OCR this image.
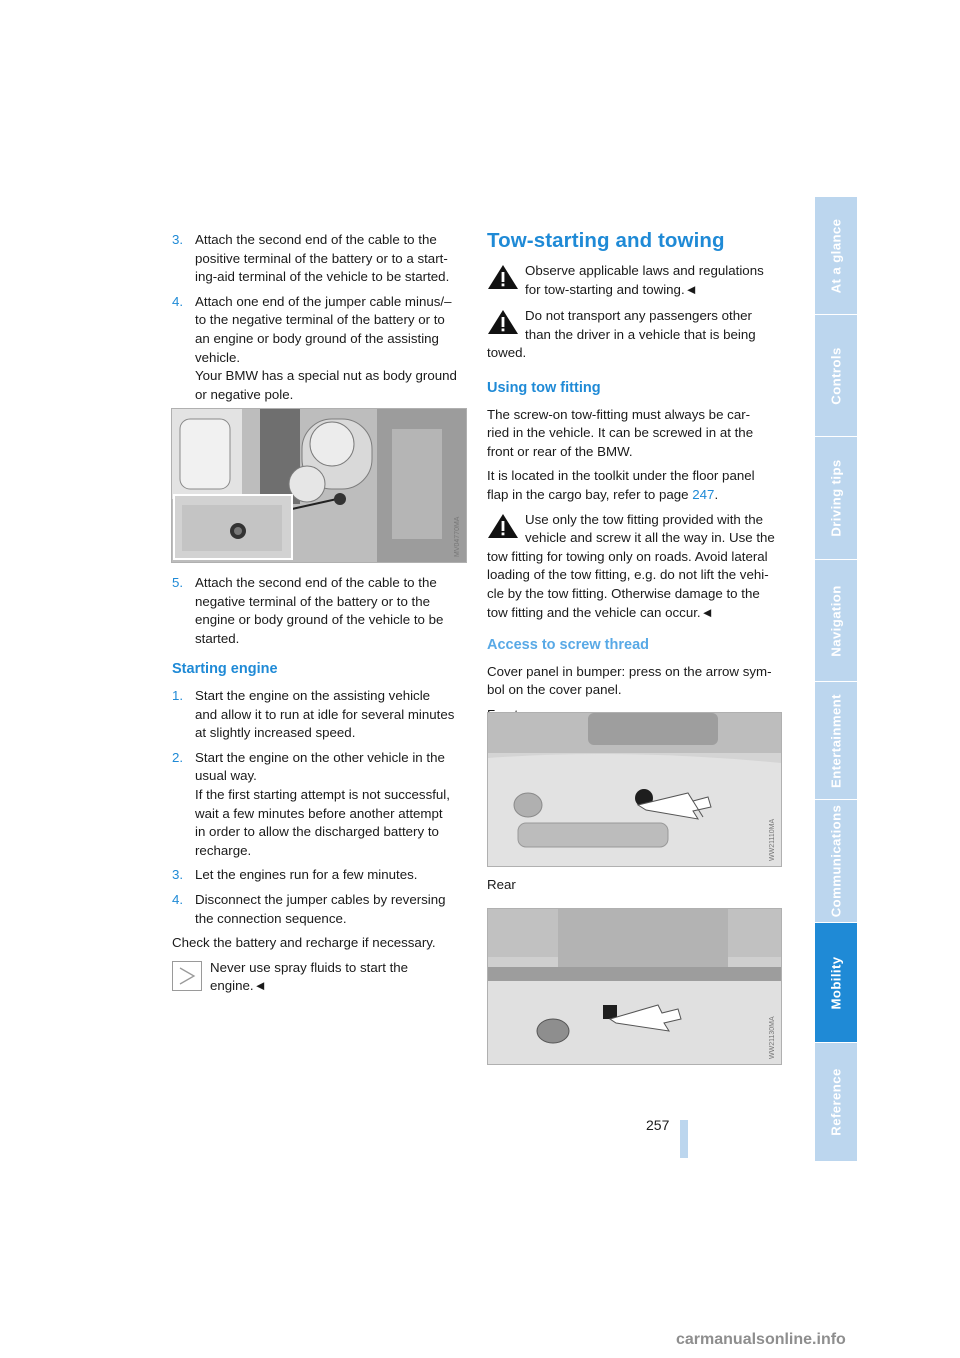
3. Attach the second end of the cable to the
positive terminal of the battery or to a start-
ing-aid terminal of the vehicle to be started.
4. Attach one end of the jumper cable minus/–
to the negative terminal of the battery or to
an engine or body ground of the assisting
vehicle.
Your BMW has a special nut as body ground
or negative pole.
MV04770MA
5. Attach the second end of the cable to the
negative terminal of the battery or to the
engine or body ground of the vehicle to be
started.
Starting engine
1. Start the engine on the assisting vehicle
and allow it to run at idle for several minutes
at slightly increased speed.
2. Start the engine on the other vehicle in the
usual way.
If the first starting attempt is not successful,
wait a few minutes before another attempt
in order to allow the discharged battery to
recharge.
3. Let the engines run for a few minutes.
4. Disconnect the jumper cables by reversing
the connection sequence.

Check the battery and recharge if necessary.

Never use spray fluids to start the
engine.◄
Tow-starting and towing
Observe applicable laws and regulations
for tow-starting and towing.◄
Do not transport any passengers other
than the driver in a vehicle that is being
towed.
Using tow fitting

The screw-on tow-fitting must always be car-
ried in the vehicle. It can be screwed in at the
front or rear of the BMW.

It is located in the toolkit under the floor panel
flap in the cargo bay, refer to page 247.

Use only the tow fitting provided with the
vehicle and screw it all the way in. Use the
tow fitting for towing only on roads. Avoid lateral
loading of the tow fitting, e.g. do not lift the vehi-
cle by the tow fitting. Otherwise damage to the
tow fitting and the vehicle can occur.◄
Access to screw thread

Cover panel in bumper: press on the arrow sym-
bol on the cover panel.

WW21110MA

Rear

WW21130MA
At a glance
Controls
Driving tips
Navigation
Entertainment
Communications
Mobility
Reference
257
carmanualsonline.info
